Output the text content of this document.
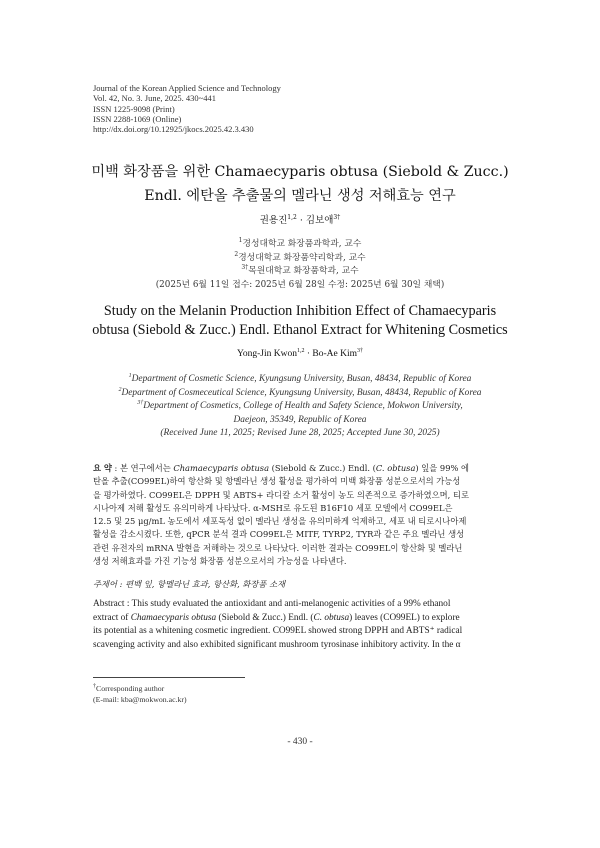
Journal of the Korean Applied Science and Technology
Vol. 42, No. 3. June, 2025. 430~441
ISSN 1225-9098 (Print)
ISSN 2288-1069 (Online)
http://dx.doi.org/10.12925/jkocs.2025.42.3.430
미백 화장품을 위한 Chamaecyparis obtusa (Siebold & Zucc.)
Endl. 에탄올 추출물의 멜라닌 생성 저해효능 연구
권용진$^{1,2}$ · 김보애$^{3\dagger}$
$^1$경성대학교 화장품과학과, 교수
$^2$경성대학교 화장품약리학과, 교수
$^{3\dagger}$목원대학교 화장품학과, 교수
(2025년 6월 11일 접수: 2025년 6월 28일 수정: 2025년 6월 30일 채택)
Study on the Melanin Production Inhibition Effect of Chamaecyparis
obtusa (Siebold & Zucc.) Endl. Ethanol Extract for Whitening Cosmetics
Yong-Jin Kwon$^{1,2}$ · Bo-Ae Kim$^{3\dagger}$
$^1$Department of Cosmetic Science, Kyungsung University, Busan, 48434, Republic of Korea
$^2$Department of Cosmeceutical Science, Kyungsung University, Busan, 48434, Republic of Korea
$^{3\dagger}$Department of Cosmetics, College of Health and Safety Science, Mokwon University,
Daejeon, 35349, Republic of Korea
(Received June 11, 2025; Revised June 28, 2025; Accepted June 30, 2025)
요 약 : 본 연구에서는 Chamaecyparis obtusa (Siebold & Zucc.) Endl. (C. obtusa) 잎을 99% 에
탄올 추출(CO99EL)하여 항산화 및 항멜라닌 생성 활성을 평가하여 미백 화장품 성분으로서의 가능성
을 평가하였다. CO99EL은 DPPH 및 ABTS+ 라디칼 소거 활성이 농도 의존적으로 증가하였으며, 티로
시나아제 저해 활성도 유의미하게 나타났다. α-MSH로 유도된 B16F10 세포 모델에서 CO99EL은
12.5 및 25 μg/mL 농도에서 세포독성 없이 멜라닌 생성을 유의미하게 억제하고, 세포 내 티로시나아제
활성을 감소시켰다. 또한, qPCR 분석 결과 CO99EL은 MITF, TYRP2, TYR과 같은 주요 멜라닌 생성
관련 유전자의 mRNA 발현을 저해하는 것으로 나타났다. 이러한 결과는 CO99EL이 항산화 및 멜라닌
생성 저해효과를 가진 기능성 화장품 성분으로서의 가능성을 나타낸다.
주제어 : 편백 잎, 항멜라닌 효과, 항산화, 화장품 소재
Abstract : This study evaluated the antioxidant and anti-melanogenic activities of a 99% ethanol
extract of Chamaecyparis obtusa (Siebold & Zucc.) Endl. (C. obtusa) leaves (CO99EL) to explore
its potential as a whitening cosmetic ingredient. CO99EL showed strong DPPH and ABTS⁺ radical
scavenging activity and also exhibited significant mushroom tyrosinase inhibitory activity. In the α
†Corresponding author
(E-mail: kba@mokwon.ac.kr)
- 430 -
